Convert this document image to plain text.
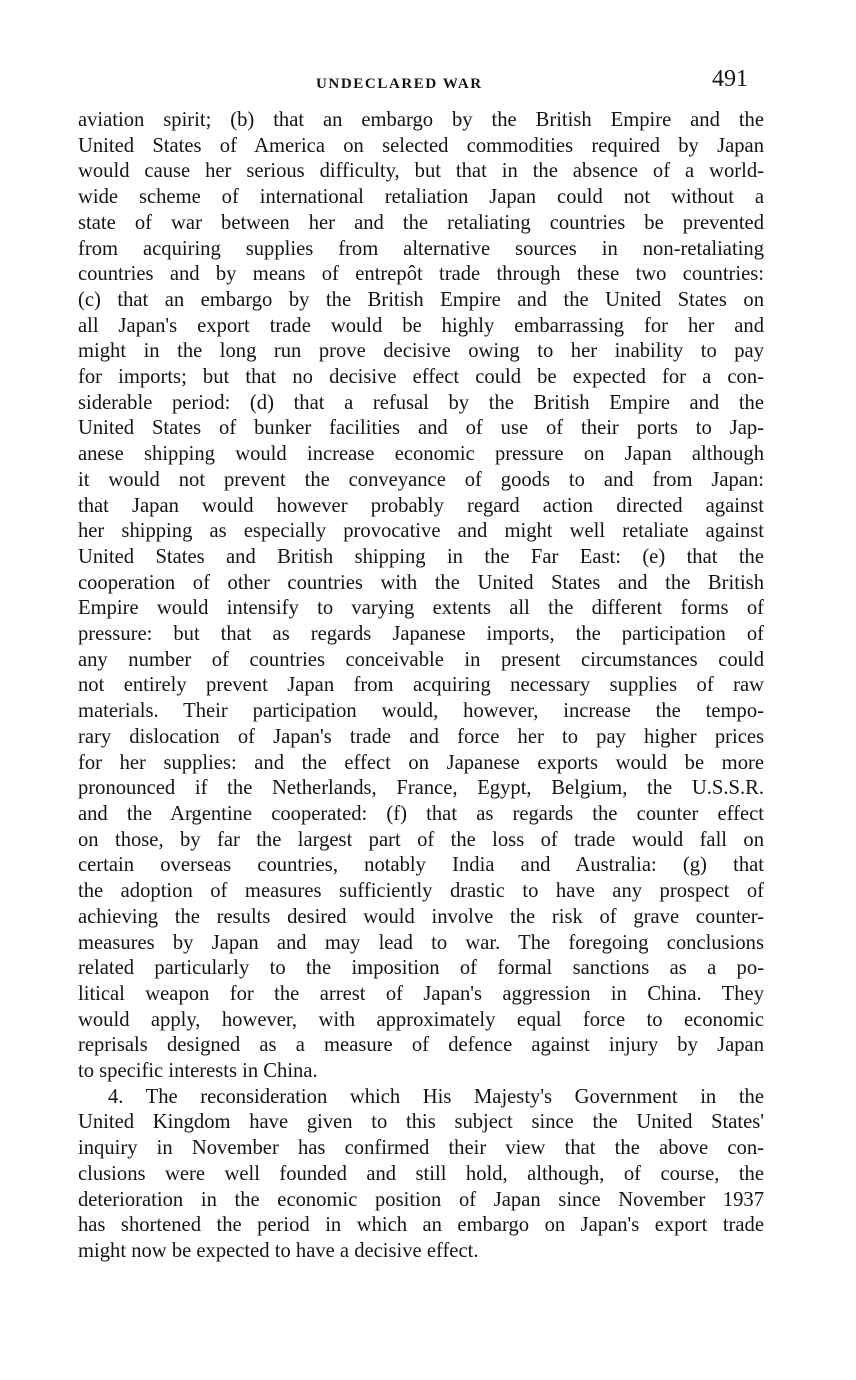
UNDECLARED WAR	491

aviation spirit; (b) that an embargo by the British Empire and the
United States of America on selected commodities required by Japan
would cause her serious difficulty, but that in the absence of a world-
wide scheme of international retaliation Japan could not without a
state of war between her and the retaliating countries be prevented
from acquiring supplies from alternative sources in non-retaliating
countries and by means of entrepôt trade through these two countries:
(c) that an embargo by the British Empire and the United States on
all Japan's export trade would be highly embarrassing for her and
might in the long run prove decisive owing to her inability to pay
for imports; but that no decisive effect could be expected for a con-
siderable period: (d) that a refusal by the British Empire and the
United States of bunker facilities and of use of their ports to Jap-
anese shipping would increase economic pressure on Japan although
it would not prevent the conveyance of goods to and from Japan:
that Japan would however probably regard action directed against
her shipping as especially provocative and might well retaliate against
United States and British shipping in the Far East: (e) that the
cooperation of other countries with the United States and the British
Empire would intensify to varying extents all the different forms of
pressure: but that as regards Japanese imports, the participation of
any number of countries conceivable in present circumstances could
not entirely prevent Japan from acquiring necessary supplies of raw
materials. Their participation would, however, increase the tempo-
rary dislocation of Japan's trade and force her to pay higher prices
for her supplies: and the effect on Japanese exports would be more
pronounced if the Netherlands, France, Egypt, Belgium, the U.S.S.R.
and the Argentine cooperated: (f) that as regards the counter effect
on those, by far the largest part of the loss of trade would fall on
certain overseas countries, notably India and Australia: (g) that
the adoption of measures sufficiently drastic to have any prospect of
achieving the results desired would involve the risk of grave counter-
measures by Japan and may lead to war. The foregoing conclusions
related particularly to the imposition of formal sanctions as a po-
litical weapon for the arrest of Japan's aggression in China. They
would apply, however, with approximately equal force to economic
reprisals designed as a measure of defence against injury by Japan
to specific interests in China.

4. The reconsideration which His Majesty's Government in the
United Kingdom have given to this subject since the United States'
inquiry in November has confirmed their view that the above con-
clusions were well founded and still hold, although, of course, the
deterioration in the economic position of Japan since November 1937
has shortened the period in which an embargo on Japan's export trade
might now be expected to have a decisive effect.
